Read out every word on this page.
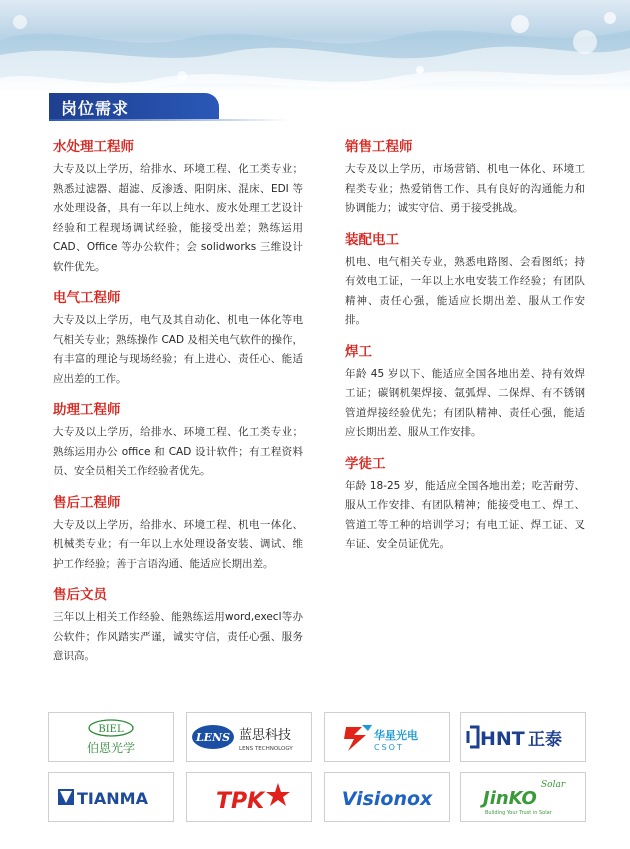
岗位需求
水处理工程师
大专及以上学历，给排水、环境工程、化工类专业；熟悉过滤器、超滤、反渗透、阳阴床、混床、EDI 等水处理设备，具有一年以上纯水、废水处理工艺设计经验和工程现场调试经验，能接受出差；熟练运用 CAD、Office 等办公软件；会 solidworks 三维设计软件优先。
电气工程师
大专及以上学历，电气及其自动化、机电一体化等电气相关专业；熟练操作 CAD 及相关电气软件的操作，有丰富的理论与现场经验；有上进心、责任心、能适应出差的工作。
助理工程师
大专及以上学历，给排水、环境工程、化工类专业；熟练运用办公 office 和 CAD 设计软件；有工程资料员、安全员相关工作经验者优先。
售后工程师
大专及以上学历，给排水、环境工程、机电一体化、机械类专业；有一年以上水处理设备安装、调试、维护工作经验；善于言语沟通、能适应长期出差。
售后文员
三年以上相关工作经验、能熟练运用word,execl等办公软件；作风踏实严谨，诚实守信，责任心强、服务意识高。
销售工程师
大专及以上学历，市场营销、机电一体化、环境工程类专业；热爱销售工作、具有良好的沟通能力和协调能力；诚实守信、勇于接受挑战。
装配电工
机电、电气相关专业，熟悉电路图、会看图纸；持有效电工证，一年以上水电安装工作经验；有团队精神、责任心强，能适应长期出差、服从工作安排。
焊工
年龄 45 岁以下、能适应全国各地出差、持有效焊工证；碳钢机架焊接、氩弧焊、二保焊、有不锈钢管道焊接经验优先；有团队精神、责任心强，能适应长期出差、服从工作安排。
学徒工
年龄 18-25 岁，能适应全国各地出差；吃苦耐劳、服从工作安排、有团队精神；能接受电工、焊工、管道工等工种的培训学习；有电工证、焊工证、叉车证、安全员证优先。
BIEL
伯恩光学
LENS 蓝思科技
LENS TECHNOLOGY
华星光电
CSOT	HNT 正泰
TIANMA	TPK	Visionox
Solar
JinKO
Building Your Trust in Solar
